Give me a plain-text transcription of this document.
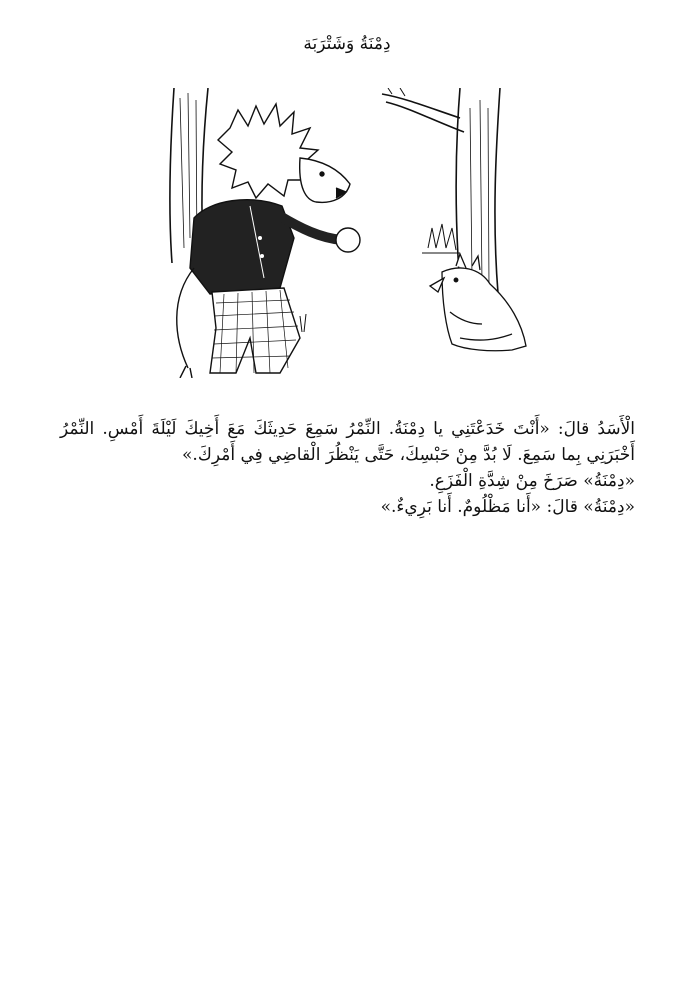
دِمْنَةُ وَشَتْرَبَة

الْأَسَدُ قالَ: «أَنْتَ خَدَعْتَنِي يا دِمْنَةُ. النِّمْرُ سَمِعَ حَدِيثَكَ مَعَ أَخِيكَ لَيْلَةَ أَمْسِ. النِّمْرُ أَخْبَرَنِي بِما سَمِعَ. لَا بُدَّ مِنْ حَبْسِكَ، حَتَّى يَنْظُرَ الْقاضِي فِي أَمْرِكَ.»

«دِمْنَةُ» صَرَخَ مِنْ شِدَّةِ الْفَزَعِ.

«دِمْنَةُ» قالَ: «أَنا مَظْلُومٌ. أَنا بَرِيءٌ.»
